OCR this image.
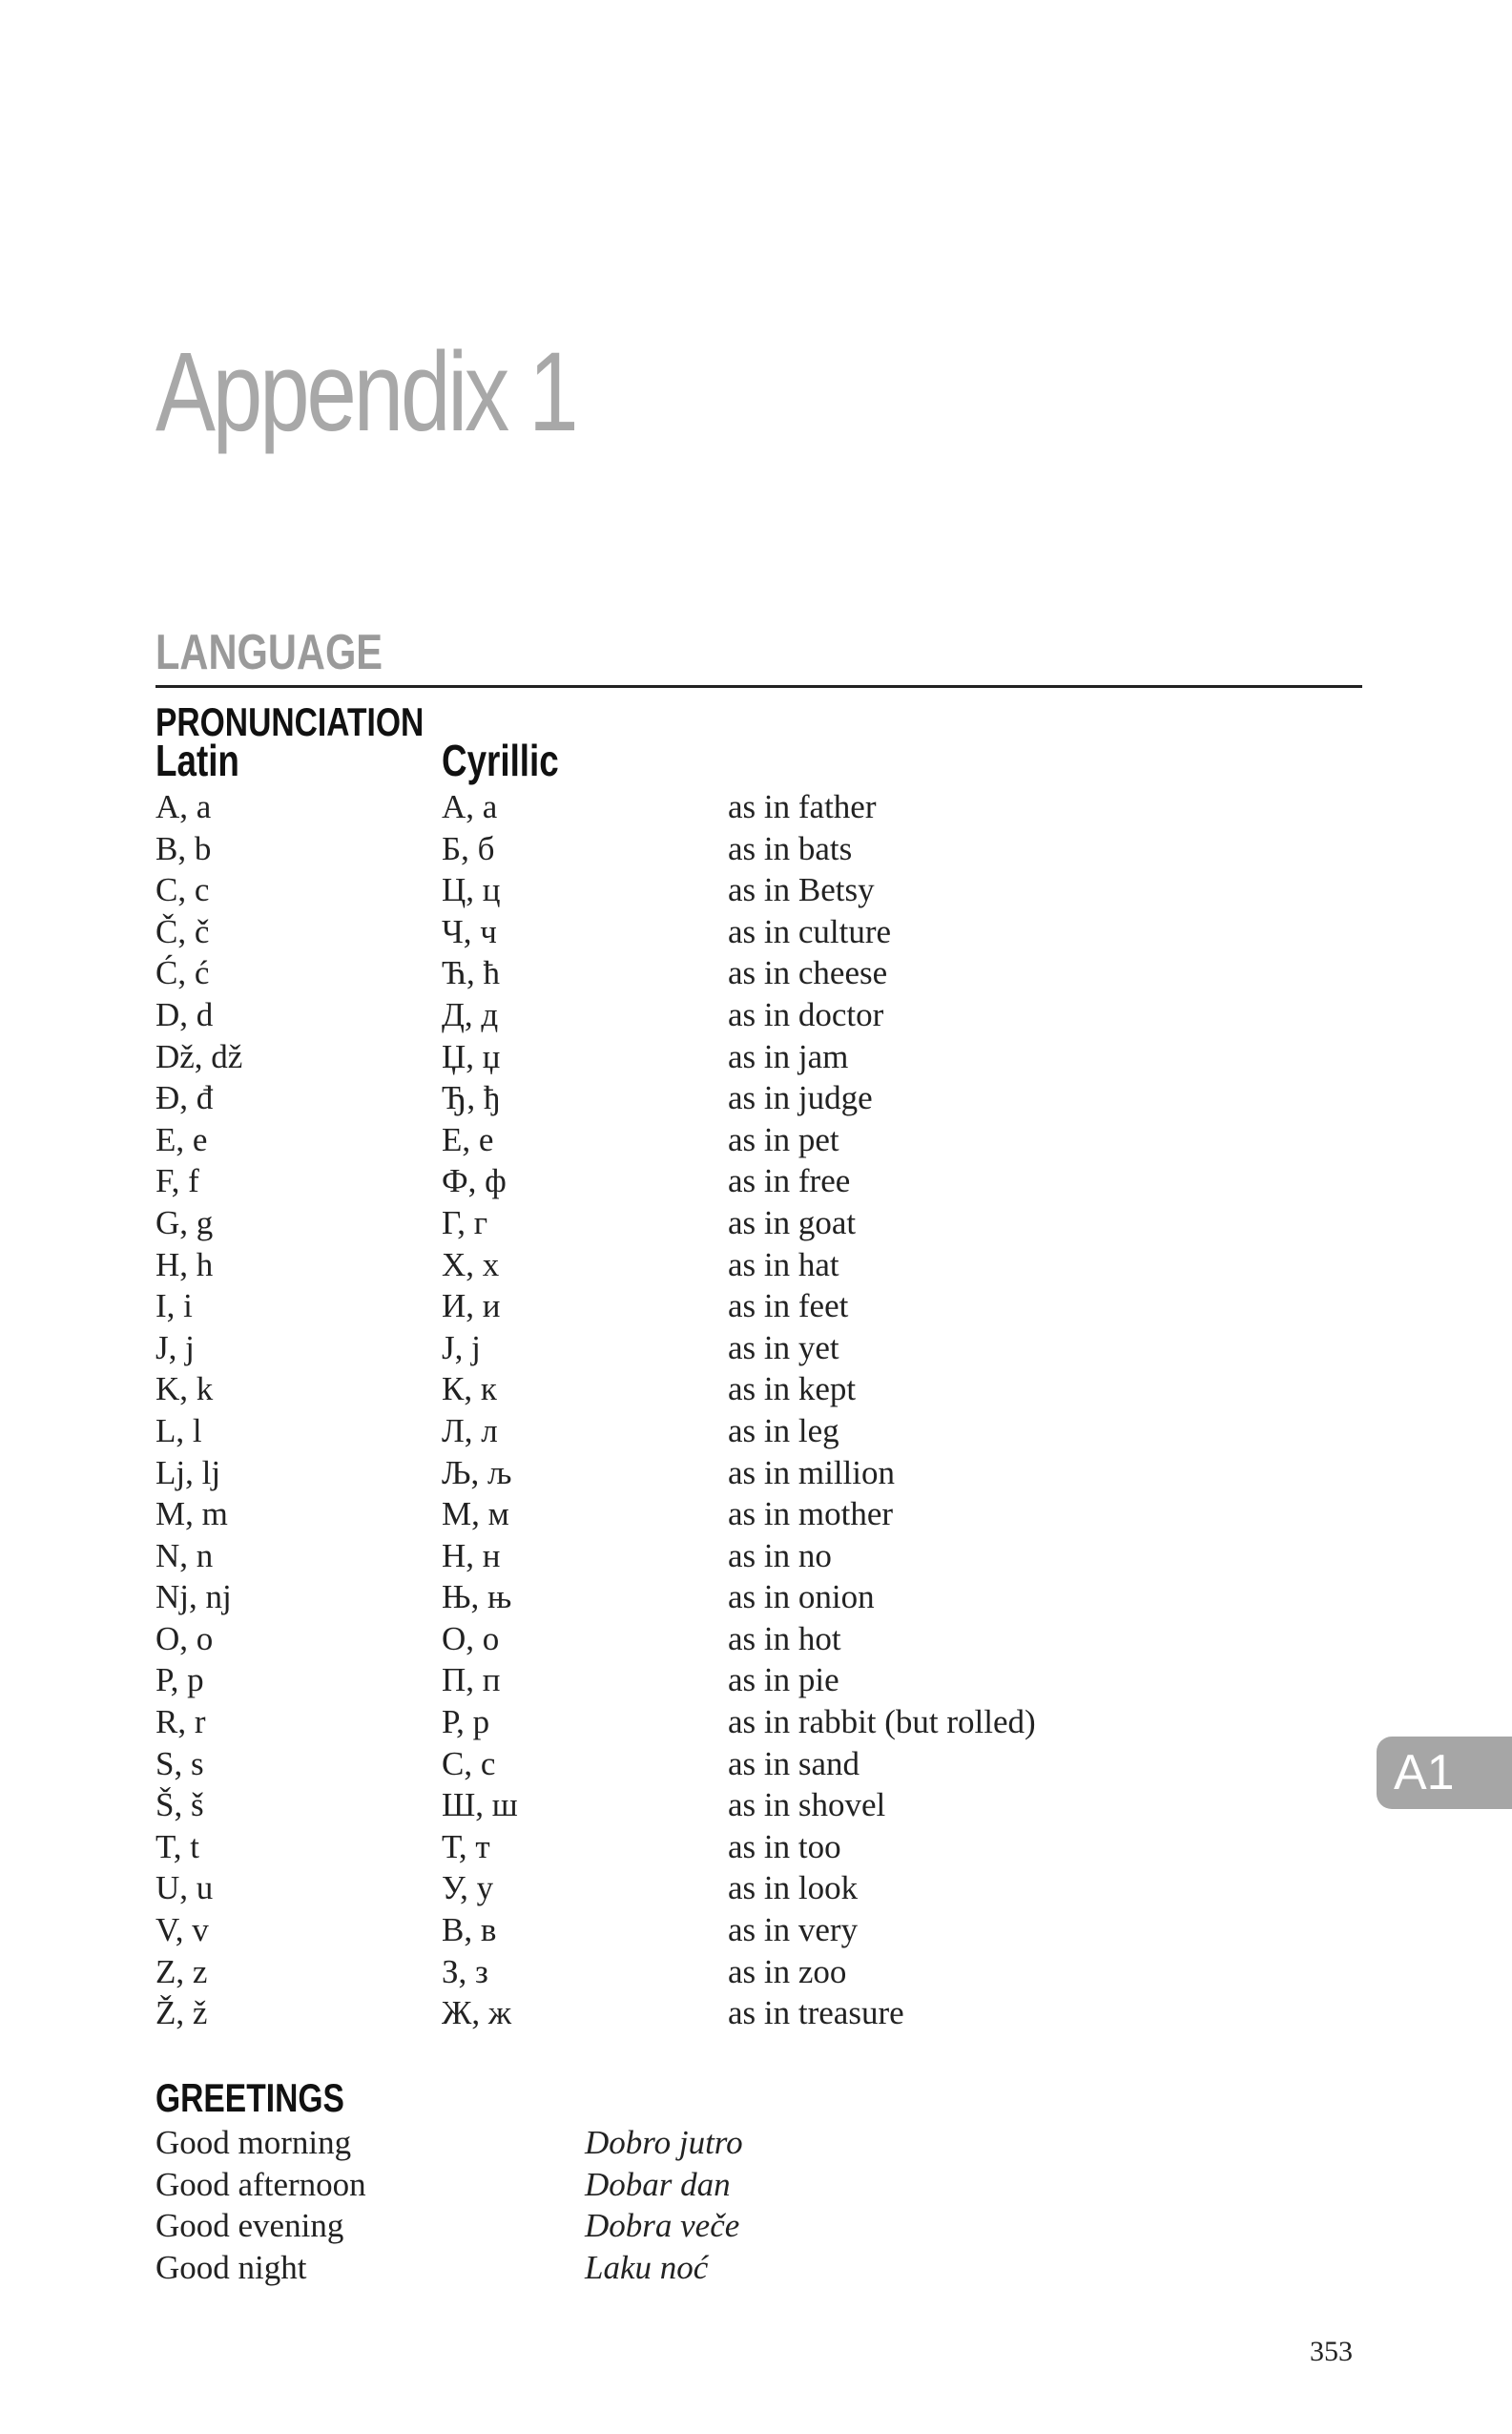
Appendix 1
LANGUAGE
PRONUNCIATION
Latin	Cyrillic
A, a	А, а	as in father
B, b	Б, б	as in bats
C, c	Ц, ц	as in Betsy
Č, č	Ч, ч	as in culture
Ć, ć	Ћ, ћ	as in cheese
D, d	Д, д	as in doctor
Dž, dž	Џ, џ	as in jam
Đ, đ	Ђ, ђ	as in judge
E, e	Е, е	as in pet
F, f	Ф, ф	as in free
G, g	Г, г	as in goat
H, h	Х, х	as in hat
I, i	И, и	as in feet
J, j	Ј, ј	as in yet
K, k	К, к	as in kept
L, l	Л, л	as in leg
Lj, lj	Љ, љ	as in million
M, m	М, м	as in mother
N, n	Н, н	as in no
Nj, nj	Њ, њ	as in onion
O, o	О, о	as in hot
P, p	П, п	as in pie
R, r	Р, р	as in rabbit (but rolled)
S, s	С, с	as in sand
Š, š	Ш, ш	as in shovel
T, t	Т, т	as in too
U, u	У, у	as in look
V, v	В, в	as in very
Z, z	З, з	as in zoo
Ž, ž	Ж, ж	as in treasure
GREETINGS
Good morning	Dobro jutro
Good afternoon	Dobar dan
Good evening	Dobra veče
Good night	Laku noć
A1
353
